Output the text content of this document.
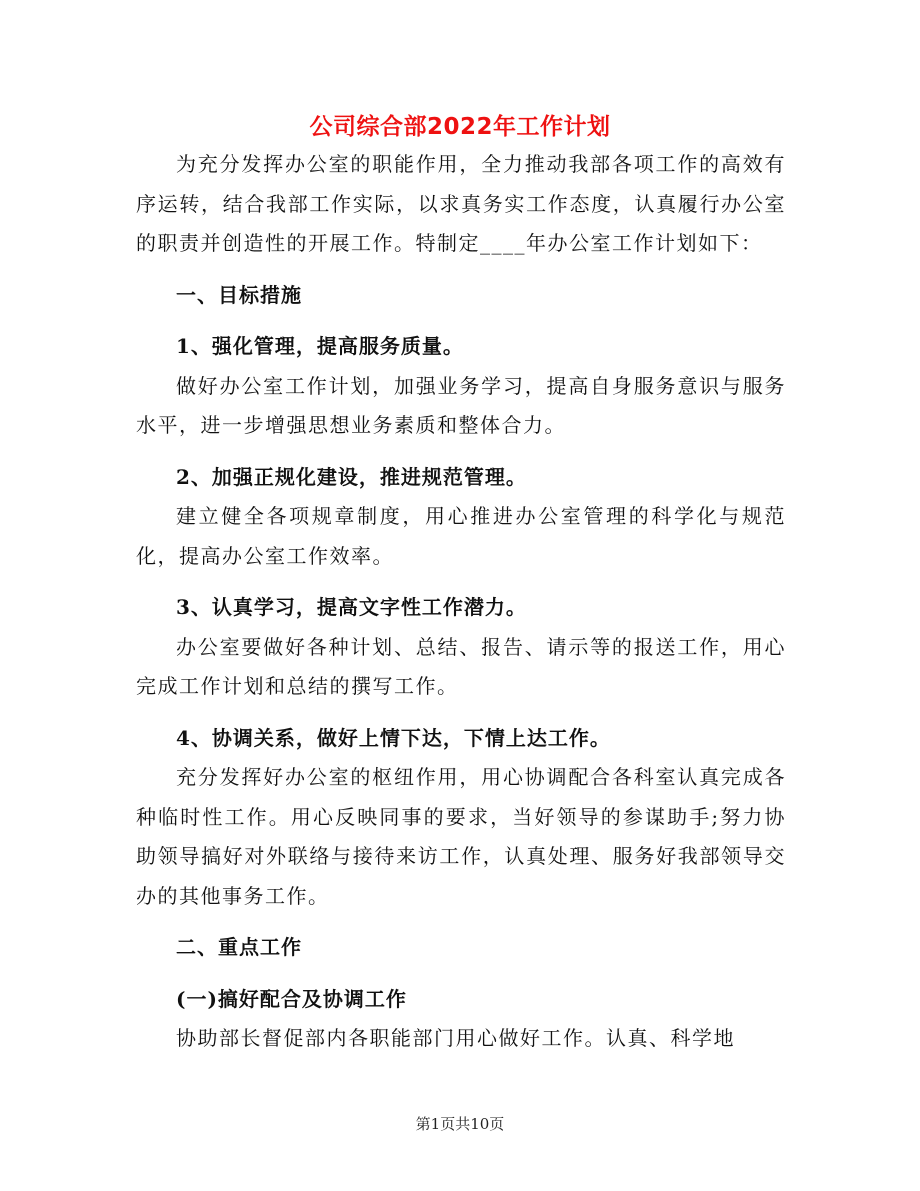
公司综合部2022年工作计划

为充分发挥办公室的职能作用，全力推动我部各项工作的高效有序运转，结合我部工作实际，以求真务实工作态度，认真履行办公室的职责并创造性的开展工作。特制定____年办公室工作计划如下：

一、目标措施

1、强化管理，提高服务质量。

做好办公室工作计划，加强业务学习，提高自身服务意识与服务水平，进一步增强思想业务素质和整体合力。

2、加强正规化建设，推进规范管理。

建立健全各项规章制度，用心推进办公室管理的科学化与规范化，提高办公室工作效率。

3、认真学习，提高文字性工作潜力。

办公室要做好各种计划、总结、报告、请示等的报送工作，用心完成工作计划和总结的撰写工作。

4、协调关系，做好上情下达，下情上达工作。

充分发挥好办公室的枢纽作用，用心协调配合各科室认真完成各种临时性工作。用心反映同事的要求，当好领导的参谋助手;努力协助领导搞好对外联络与接待来访工作，认真处理、服务好我部领导交办的其他事务工作。

二、重点工作

(一)搞好配合及协调工作

协助部长督促部内各职能部门用心做好工作。认真、科学地

第1页共10页
